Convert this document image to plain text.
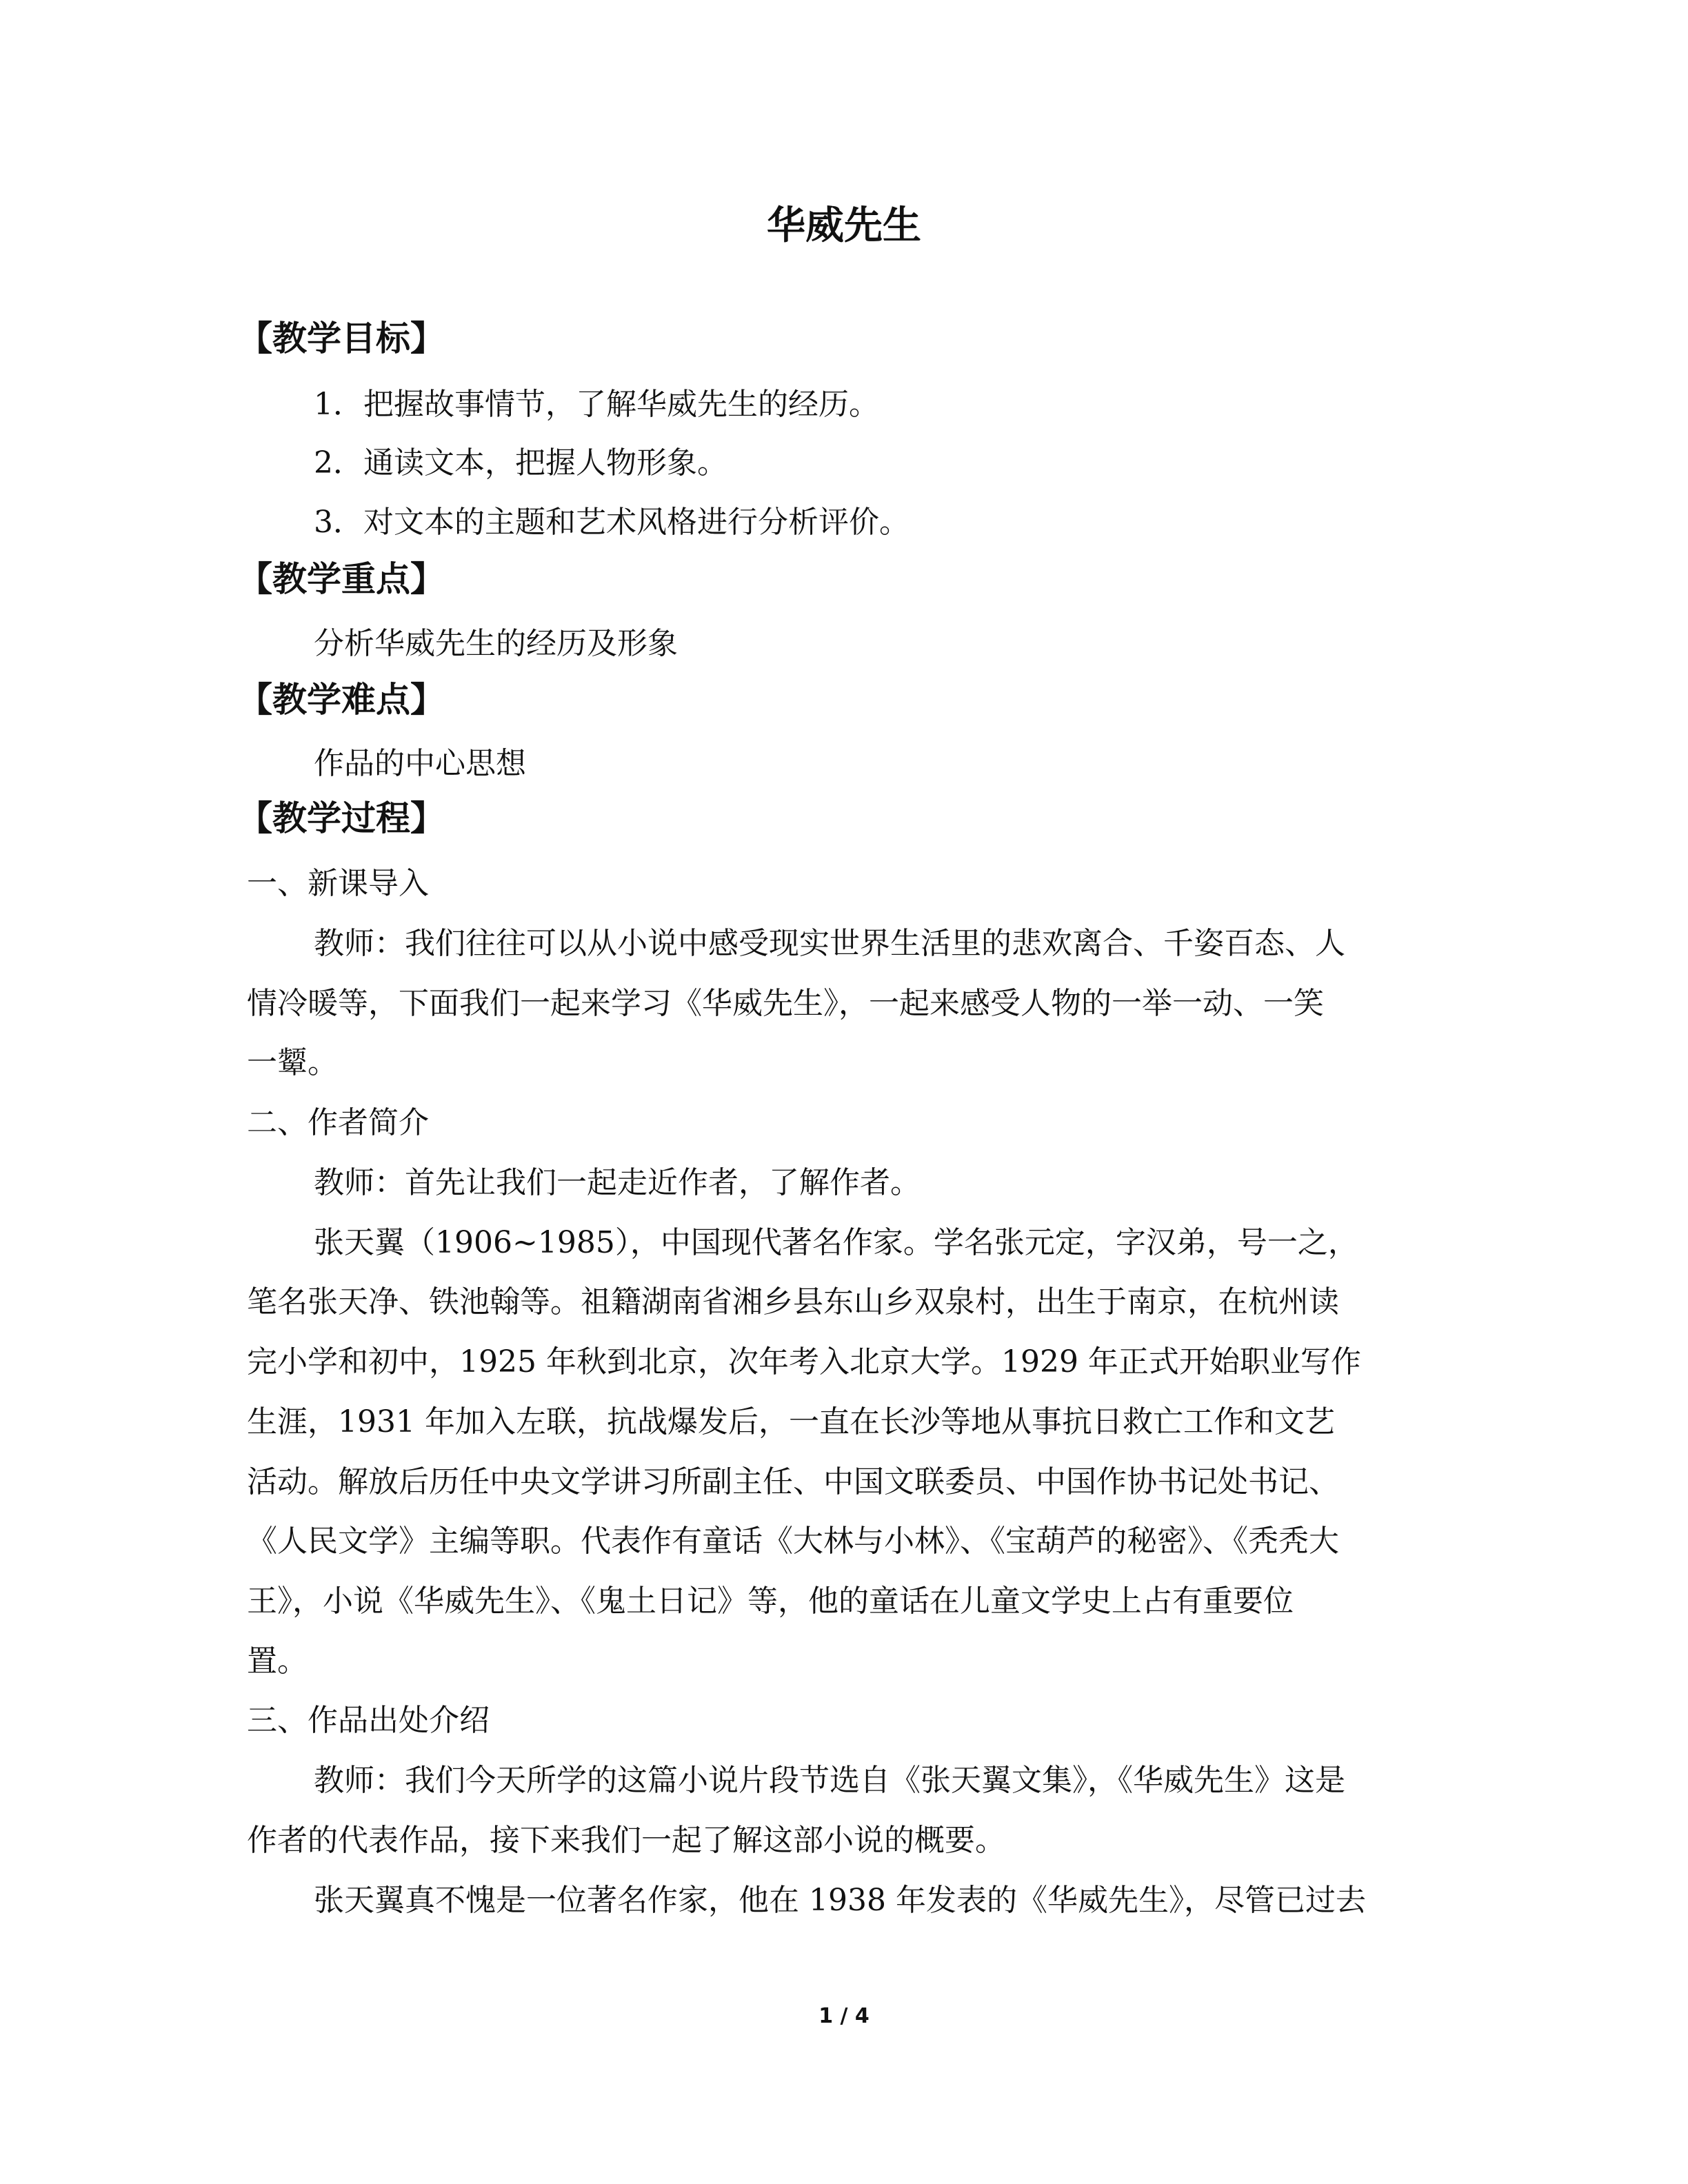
华威先生
【教学目标】
1．把握故事情节，了解华威先生的经历。
2．通读文本，把握人物形象。
3．对文本的主题和艺术风格进行分析评价。
【教学重点】
分析华威先生的经历及形象
【教学难点】
作品的中心思想
【教学过程】
一、新课导入
教师：我们往往可以从小说中感受现实世界生活里的悲欢离合、千姿百态、人
情冷暖等，下面我们一起来学习《华威先生》，一起来感受人物的一举一动、一笑
一颦。
二、作者简介
教师：首先让我们一起走近作者，了解作者。
张天翼（1906~1985），中国现代著名作家。学名张元定，字汉弟，号一之，
笔名张天净、铁池翰等。祖籍湖南省湘乡县东山乡双泉村，出生于南京，在杭州读
完小学和初中，1925 年秋到北京，次年考入北京大学。1929 年正式开始职业写作
生涯，1931 年加入左联，抗战爆发后，一直在长沙等地从事抗日救亡工作和文艺
活动。解放后历任中央文学讲习所副主任、中国文联委员、中国作协书记处书记、
《人民文学》主编等职。代表作有童话《大林与小林》、《宝葫芦的秘密》、《秃秃大
王》，小说《华威先生》、《鬼土日记》等，他的童话在儿童文学史上占有重要位
置。
三、作品出处介绍
教师：我们今天所学的这篇小说片段节选自《张天翼文集》，《华威先生》这是
作者的代表作品，接下来我们一起了解这部小说的概要。
张天翼真不愧是一位著名作家，他在 1938 年发表的《华威先生》，尽管已过去
1 / 4
